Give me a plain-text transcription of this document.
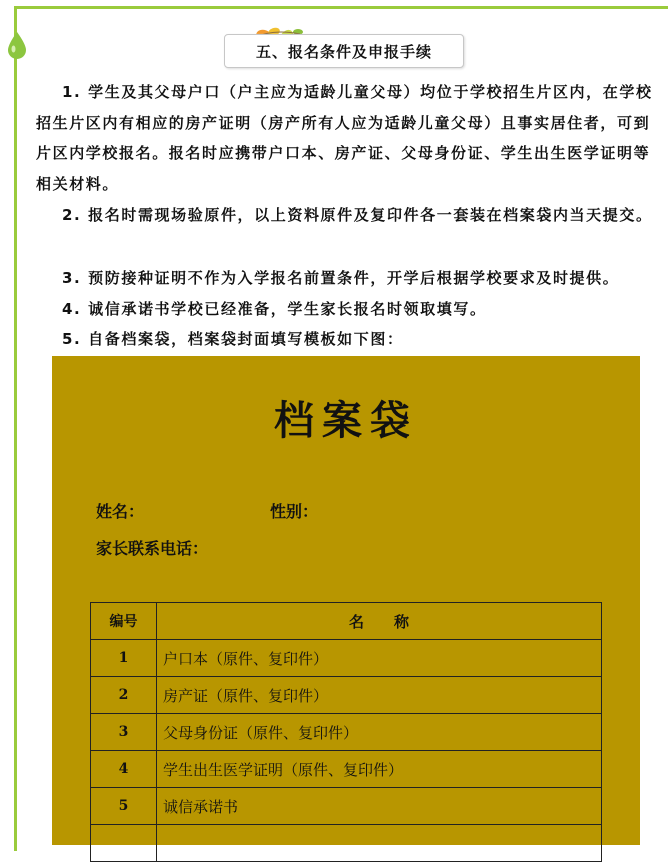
五、报名条件及申报手续
1. 学生及其父母户口（户主应为适龄儿童父母）均位于学校招生片区内，在学校招生片区内有相应的房产证明（房产所有人应为适龄儿童父母）且事实居住者，可到片区内学校报名。报名时应携带户口本、房产证、父母身份证、学生出生医学证明等相关材料。
2. 报名时需现场验原件，以上资料原件及复印件各一套装在档案袋内当天提交。
3. 预防接种证明不作为入学报名前置条件，开学后根据学校要求及时提供。
4. 诚信承诺书学校已经准备，学生家长报名时领取填写。
5. 自备档案袋，档案袋封面填写模板如下图：
档案袋
姓名：	性别：
家长联系电话：
编号	名　　称
1	户口本（原件、复印件）
2	房产证（原件、复印件）
3	父母身份证（原件、复印件）
4	学生出生医学证明（原件、复印件）
5	诚信承诺书
